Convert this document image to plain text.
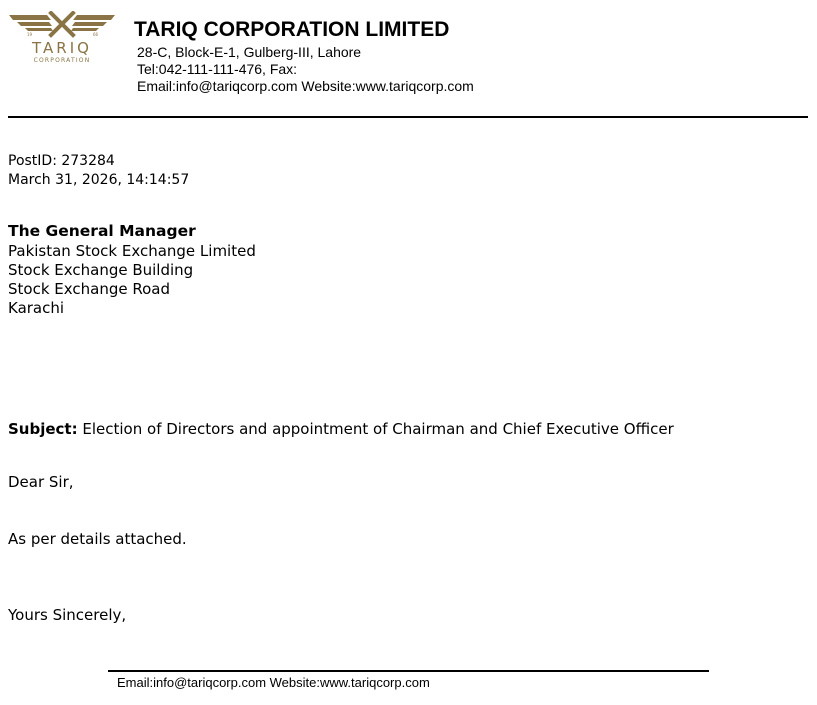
19	66
TARIQ
CORPORATION
TARIQ CORPORATION LIMITED
28-C, Block-E-1, Gulberg-III, Lahore
Tel:042-111-111-476, Fax:
Email:info@tariqcorp.com Website:www.tariqcorp.com
PostID: 273284
March 31, 2026, 14:14:57
The General Manager
Pakistan Stock Exchange Limited
Stock Exchange Building
Stock Exchange Road
Karachi
Subject: Election of Directors and appointment of Chairman and Chief Executive Officer
Dear Sir,
As per details attached.
Yours Sincerely,
Email:info@tariqcorp.com Website:www.tariqcorp.com
